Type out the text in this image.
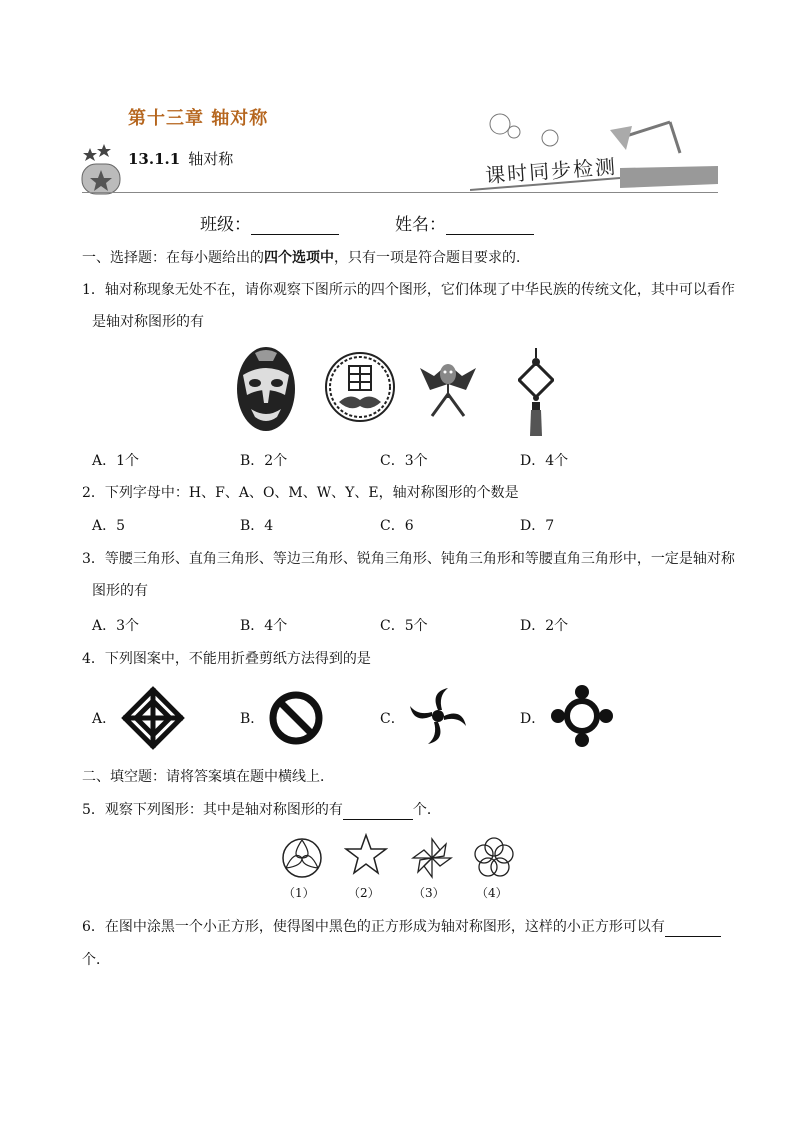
第十三章 轴对称
13.1.1 轴对称	课时同步检测
班级：	姓名：
一、选择题：在每小题给出的四个选项中，只有一项是符合题目要求的．
1．轴对称现象无处不在，请你观察下图所示的四个图形，它们体现了中华民族的传统文化，其中可以看作
是轴对称图形的有
A．1个	B．2个	C．3个	D．4个
2．下列字母中：H、F、A、O、M、W、Y、E，轴对称图形的个数是
A．5	B．4	C．6	D．7
3．等腰三角形、直角三角形、等边三角形、锐角三角形、钝角三角形和等腰直角三角形中，一定是轴对称
图形的有
A．3个	B．4个	C．5个	D．2个
4．下列图案中，不能用折叠剪纸方法得到的是
A．	B．	C．	D．
二、填空题：请将答案填在题中横线上．
5．观察下列图形：其中是轴对称图形的有	个．
（1）	（2）	（3）	（4）
6．在图中涂黑一个小正方形，使得图中黑色的正方形成为轴对称图形，这样的小正方形可以有
个．
